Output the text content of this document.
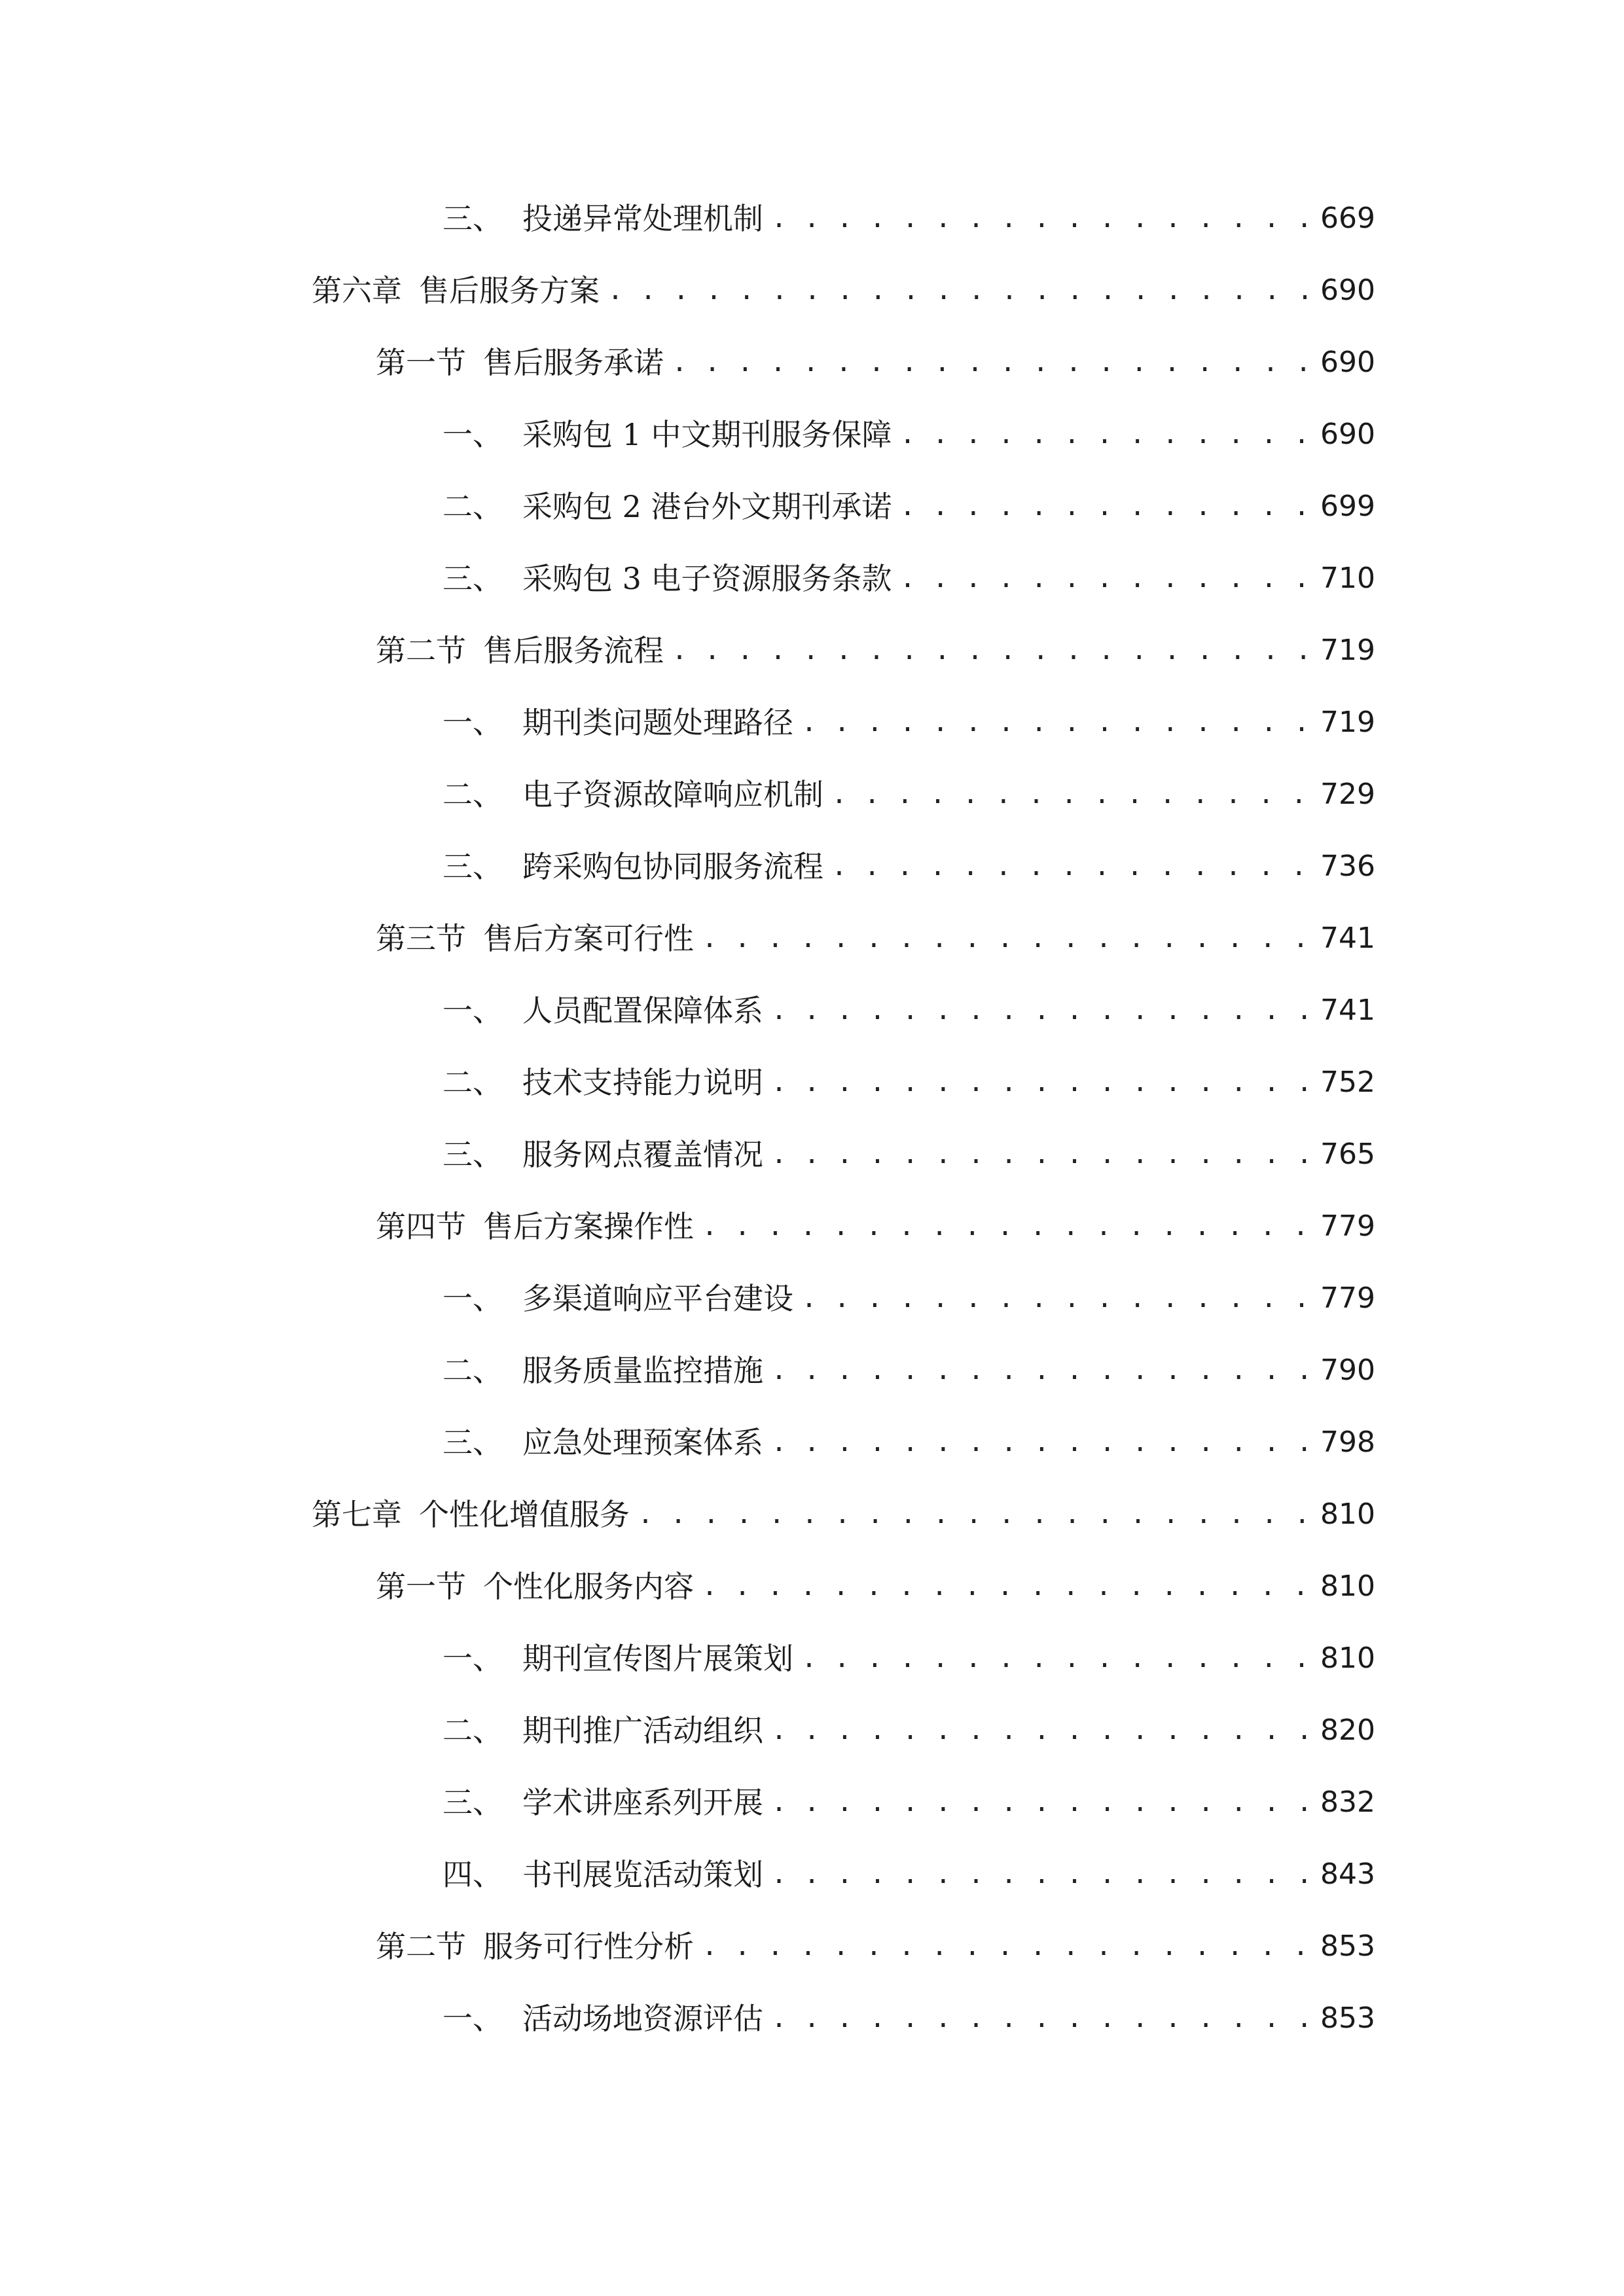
三、 投递异常处理机制 . . .	669
第六章 售后服务方案 . . .	690
第一节 售后服务承诺 . . .	690
一、 采购包 1 中文期刊服务保障 . . .	690
二、 采购包 2 港台外文期刊承诺 . . .	699
三、 采购包 3 电子资源服务条款 . . .	710
第二节 售后服务流程 . . .	719
一、 期刊类问题处理路径 . . .	719
二、 电子资源故障响应机制 . . .	729
三、 跨采购包协同服务流程 . . .	736
第三节 售后方案可行性 . . .	741
一、 人员配置保障体系 . . .	741
二、 技术支持能力说明 . . .	752
三、 服务网点覆盖情况 . . .	765
第四节 售后方案操作性 . . .	779
一、 多渠道响应平台建设 . . .	779
二、 服务质量监控措施 . . .	790
三、 应急处理预案体系 . . .	798
第七章 个性化增值服务 . . .	810
第一节 个性化服务内容 . . .	810
一、 期刊宣传图片展策划 . . .	810
二、 期刊推广活动组织 . . .	820
三、 学术讲座系列开展 . . .	832
四、 书刊展览活动策划 . . .	843
第二节 服务可行性分析 . . .	853
一、 活动场地资源评估 . . .	853
